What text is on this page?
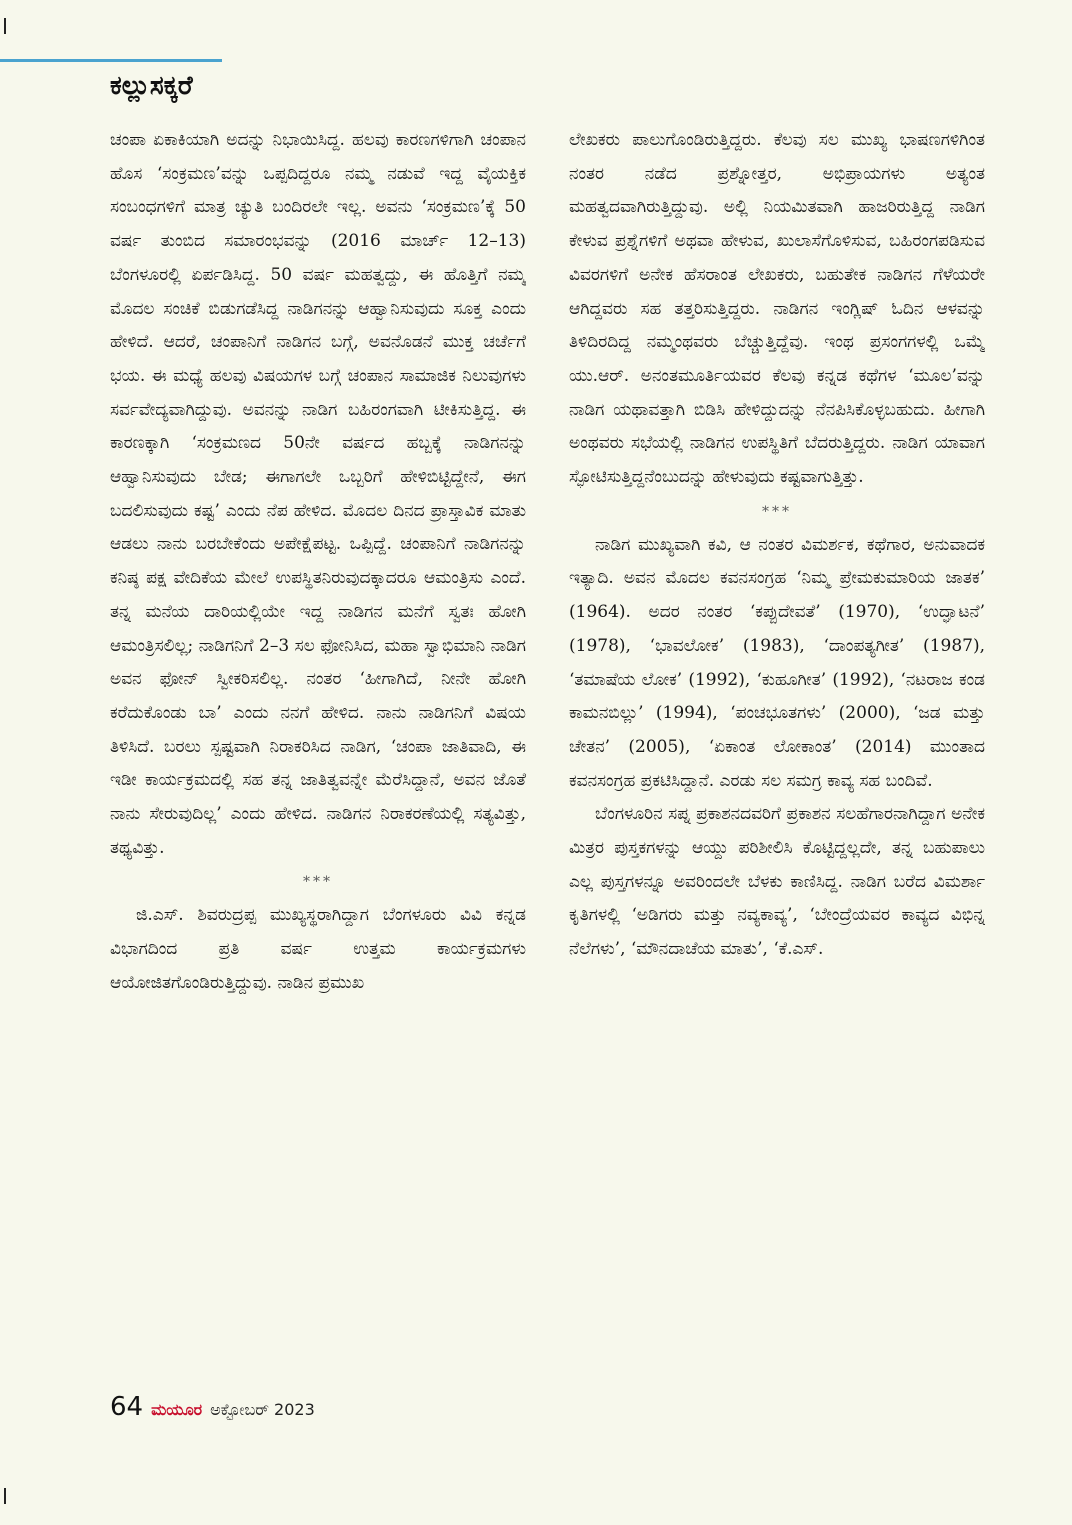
ಕಲ್ಲುಸಕ್ಕರೆ

ಚಂಪಾ ಏಕಾಕಿಯಾಗಿ ಅದನ್ನು ನಿಭಾಯಿಸಿದ್ದ. ಹಲವು ಕಾರಣಗಳಿಗಾಗಿ ಚಂಪಾನ ಹೊಸ ‘ಸಂಕ್ರಮಣ’ವನ್ನು ಒಪ್ಪದಿದ್ದರೂ ನಮ್ಮ ನಡುವೆ ಇದ್ದ ವೈಯಕ್ತಿಕ ಸಂಬಂಧಗಳಿಗೆ ಮಾತ್ರ ಚ್ಯುತಿ ಬಂದಿರಲೇ ಇಲ್ಲ. ಅವನು ‘ಸಂಕ್ರಮಣ’ಕ್ಕೆ 50 ವರ್ಷ ತುಂಬಿದ ಸಮಾರಂಭವನ್ನು (2016 ಮಾರ್ಚ್ 12–13) ಬೆಂಗಳೂರಲ್ಲಿ ಏರ್ಪಡಿಸಿದ್ದ. 50 ವರ್ಷ ಮಹತ್ವದ್ದು, ಈ ಹೊತ್ತಿಗೆ ನಮ್ಮ ಮೊದಲ ಸಂಚಿಕೆ ಬಿಡುಗಡೆಸಿದ್ದ ನಾಡಿಗನನ್ನು ಆಹ್ವಾನಿಸುವುದು ಸೂಕ್ತ ಎಂದು ಹೇಳಿದೆ. ಆದರೆ, ಚಂಪಾನಿಗೆ ನಾಡಿಗನ ಬಗ್ಗೆ, ಅವನೊಡನೆ ಮುಕ್ತ ಚರ್ಚೆಗೆ ಭಯ. ಈ ಮಧ್ಯೆ ಹಲವು ವಿಷಯಗಳ ಬಗ್ಗೆ ಚಂಪಾನ ಸಾಮಾಜಿಕ ನಿಲುವುಗಳು ಸರ್ವವೇದ್ಯವಾಗಿದ್ದುವು. ಅವನನ್ನು ನಾಡಿಗ ಬಹಿರಂಗವಾಗಿ ಟೀಕಿಸುತ್ತಿದ್ದ. ಈ ಕಾರಣಕ್ಕಾಗಿ ‘ಸಂಕ್ರಮಣದ 50ನೇ ವರ್ಷದ ಹಬ್ಬಕ್ಕೆ ನಾಡಿಗನನ್ನು ಆಹ್ವಾನಿಸುವುದು ಬೇಡ; ಈಗಾಗಲೇ ಒಬ್ಬರಿಗೆ ಹೇಳಿಬಿಟ್ಟಿದ್ದೇನೆ, ಈಗ ಬದಲಿಸುವುದು ಕಷ್ಟ’ ಎಂದು ನೆಪ ಹೇಳಿದ. ಮೊದಲ ದಿನದ ಪ್ರಾಸ್ತಾವಿಕ ಮಾತು ಆಡಲು ನಾನು ಬರಬೇಕೆಂದು ಅಪೇಕ್ಷೆಪಟ್ಟ. ಒಪ್ಪಿದ್ದೆ. ಚಂಪಾನಿಗೆ ನಾಡಿಗನನ್ನು ಕನಿಷ್ಠ ಪಕ್ಷ ವೇದಿಕೆಯ ಮೇಲೆ ಉಪಸ್ಥಿತನಿರುವುದಕ್ಕಾದರೂ ಆಮಂತ್ರಿಸು ಎಂದೆ. ತನ್ನ ಮನೆಯ ದಾರಿಯಲ್ಲಿಯೇ ಇದ್ದ ನಾಡಿಗನ ಮನೆಗೆ ಸ್ವತಃ ಹೋಗಿ ಆಮಂತ್ರಿಸಲಿಲ್ಲ; ನಾಡಿಗನಿಗೆ 2–3 ಸಲ ಫೋನಿಸಿದ, ಮಹಾ ಸ್ವಾಭಿಮಾನಿ ನಾಡಿಗ ಅವನ ಫೋನ್ ಸ್ವೀಕರಿಸಲಿಲ್ಲ. ನಂತರ ‘ಹೀಗಾಗಿದೆ, ನೀನೇ ಹೋಗಿ ಕರೆದುಕೊಂಡು ಬಾ’ ಎಂದು ನನಗೆ ಹೇಳಿದ. ನಾನು ನಾಡಿಗನಿಗೆ ವಿಷಯ ತಿಳಿಸಿದೆ. ಬರಲು ಸ್ಪಷ್ಟವಾಗಿ ನಿರಾಕರಿಸಿದ ನಾಡಿಗ, ‘ಚಂಪಾ ಜಾತಿವಾದಿ, ಈ ಇಡೀ ಕಾರ್ಯಕ್ರಮದಲ್ಲಿ ಸಹ ತನ್ನ ಜಾತಿತ್ವವನ್ನೇ ಮೆರೆಸಿದ್ದಾನೆ, ಅವನ ಜೊತೆ ನಾನು ಸೇರುವುದಿಲ್ಲ’ ಎಂದು ಹೇಳಿದ. ನಾಡಿಗನ ನಿರಾಕರಣೆಯಲ್ಲಿ ಸತ್ಯವಿತ್ತು, ತಥ್ಯವಿತ್ತು.

***

ಜಿ.ಎಸ್. ಶಿವರುದ್ರಪ್ಪ ಮುಖ್ಯಸ್ಥರಾಗಿದ್ದಾಗ ಬೆಂಗಳೂರು ವಿವಿ ಕನ್ನಡ ವಿಭಾಗದಿಂದ ಪ್ರತಿ ವರ್ಷ ಉತ್ತಮ ಕಾರ್ಯಕ್ರಮಗಳು ಆಯೋಜಿತಗೊಂಡಿರುತ್ತಿದ್ದುವು. ನಾಡಿನ ಪ್ರಮುಖ

ಲೇಖಕರು ಪಾಲುಗೊಂಡಿರುತ್ತಿದ್ದರು. ಕೆಲವು ಸಲ ಮುಖ್ಯ ಭಾಷಣಗಳಿಗಿಂತ ನಂತರ ನಡೆದ ಪ್ರಶ್ನೋತ್ತರ, ಅಭಿಪ್ರಾಯಗಳು ಅತ್ಯಂತ ಮಹತ್ವದವಾಗಿರುತ್ತಿದ್ದುವು. ಅಲ್ಲಿ ನಿಯಮಿತವಾಗಿ ಹಾಜರಿರುತ್ತಿದ್ದ ನಾಡಿಗ ಕೇಳುವ ಪ್ರಶ್ನೆಗಳಿಗೆ ಅಥವಾ ಹೇಳುವ, ಖುಲಾಸೆಗೊಳಿಸುವ, ಬಹಿರಂಗಪಡಿಸುವ ವಿವರಗಳಿಗೆ ಅನೇಕ ಹೆಸರಾಂತ ಲೇಖಕರು, ಬಹುತೇಕ ನಾಡಿಗನ ಗೆಳೆಯರೇ ಆಗಿದ್ದವರು ಸಹ ತತ್ತರಿಸುತ್ತಿದ್ದರು. ನಾಡಿಗನ ಇಂಗ್ಲಿಷ್ ಓದಿನ ಆಳವನ್ನು ತಿಳಿದಿರದಿದ್ದ ನಮ್ಮಂಥವರು ಬೆಚ್ಚುತ್ತಿದ್ದೆವು. ಇಂಥ ಪ್ರಸಂಗಗಳಲ್ಲಿ ಒಮ್ಮೆ ಯು.ಆರ್. ಅನಂತಮೂರ್ತಿಯವರ ಕೆಲವು ಕನ್ನಡ ಕಥೆಗಳ ‘ಮೂಲ’ವನ್ನು ನಾಡಿಗ ಯಥಾವತ್ತಾಗಿ ಬಿಡಿಸಿ ಹೇಳಿದ್ದುದನ್ನು ನೆನಪಿಸಿಕೊಳ್ಳಬಹುದು. ಹೀಗಾಗಿ ಅಂಥವರು ಸಭೆಯಲ್ಲಿ ನಾಡಿಗನ ಉಪಸ್ಥಿತಿಗೆ ಬೆದರುತ್ತಿದ್ದರು. ನಾಡಿಗ ಯಾವಾಗ ಸ್ಫೋಟಿಸುತ್ತಿದ್ದನೆಂಬುದನ್ನು ಹೇಳುವುದು ಕಷ್ಟವಾಗುತ್ತಿತ್ತು.

***

ನಾಡಿಗ ಮುಖ್ಯವಾಗಿ ಕವಿ, ಆ ನಂತರ ವಿಮರ್ಶಕ, ಕಥೆಗಾರ, ಅನುವಾದಕ ಇತ್ಯಾದಿ. ಅವನ ಮೊದಲ ಕವನಸಂಗ್ರಹ ‘ನಿಮ್ಮ ಪ್ರೇಮಕುಮಾರಿಯ ಜಾತಕ’ (1964). ಅದರ ನಂತರ ‘ಕಪ್ಪುದೇವತೆ’ (1970), ‘ಉದ್ಘಾಟನೆ’ (1978), ‘ಭಾವಲೋಕ’ (1983), ‘ದಾಂಪತ್ಯಗೀತ’ (1987), ‘ತಮಾಷೆಯ ಲೋಕ’ (1992), ‘ಕುಹೂಗೀತ’ (1992), ‘ನಟರಾಜ ಕಂಡ ಕಾಮನಬಿಲ್ಲು’ (1994), ‘ಪಂಚಭೂತಗಳು’ (2000), ‘ಜಡ ಮತ್ತು ಚೇತನ’ (2005), ‘ಏಕಾಂತ ಲೋಕಾಂತ’ (2014) ಮುಂತಾದ ಕವನಸಂಗ್ರಹ ಪ್ರಕಟಿಸಿದ್ದಾನೆ. ಎರಡು ಸಲ ಸಮಗ್ರ ಕಾವ್ಯ ಸಹ ಬಂದಿವೆ.

ಬೆಂಗಳೂರಿನ ಸಪ್ನ ಪ್ರಕಾಶನದವರಿಗೆ ಪ್ರಕಾಶನ ಸಲಹೆಗಾರನಾಗಿದ್ದಾಗ ಅನೇಕ ಮಿತ್ರರ ಪುಸ್ತಕಗಳನ್ನು ಆಯ್ದು ಪರಿಶೀಲಿಸಿ ಕೊಟ್ಟಿದ್ದಲ್ಲದೇ, ತನ್ನ ಬಹುಪಾಲು ಎಲ್ಲ ಪುಸ್ತಗಳನ್ನೂ ಅವರಿಂದಲೇ ಬೆಳಕು ಕಾಣಿಸಿದ್ದ. ನಾಡಿಗ ಬರೆದ ವಿಮರ್ಶಾ ಕೃತಿಗಳಲ್ಲಿ ‘ಅಡಿಗರು ಮತ್ತು ನವ್ಯಕಾವ್ಯ’, ‘ಬೇಂದ್ರೆಯವರ ಕಾವ್ಯದ ವಿಭಿನ್ನ ನೆಲೆಗಳು’, ‘ಮೌನದಾಚೆಯ ಮಾತು’, ‘ಕೆ.ಎಸ್.

64 ಮಯೂರ ಅಕ್ಟೋಬರ್ 2023
